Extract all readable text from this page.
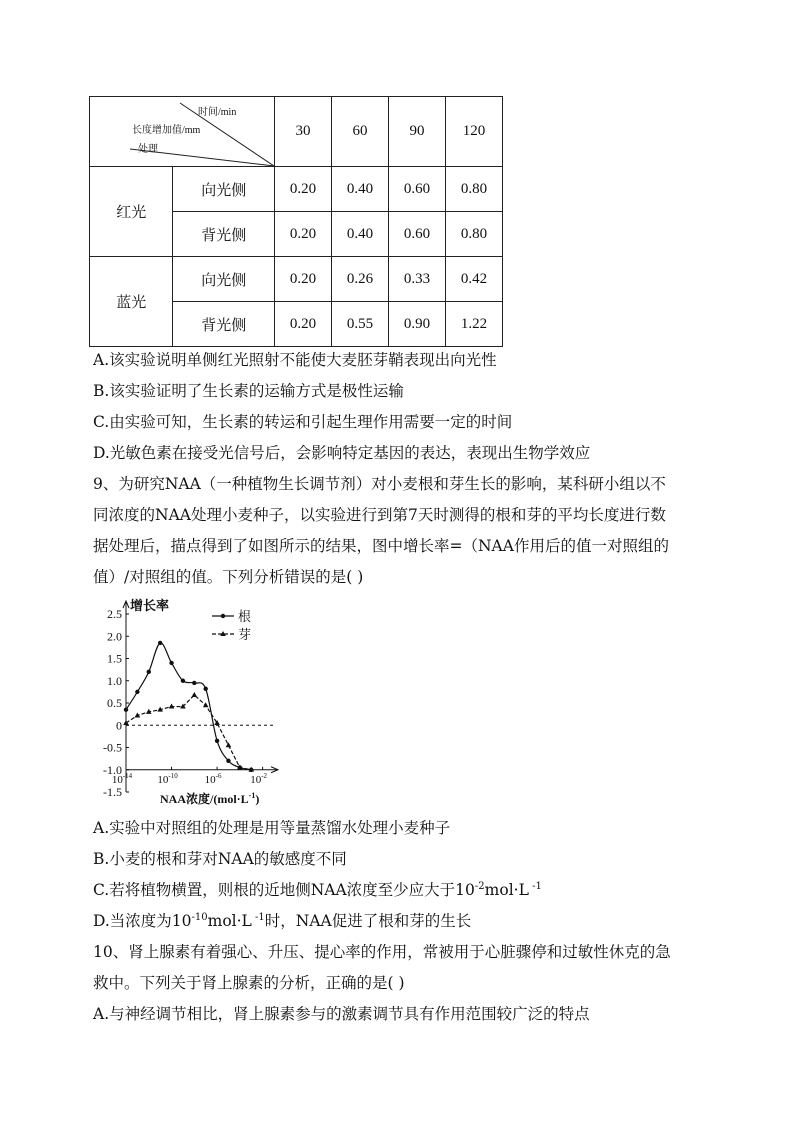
时间/min
长度增加值/mm
处理		30	60	90	120
红光	向光侧	0.20	0.40	0.60	0.80
	背光侧	0.20	0.40	0.60	0.80
蓝光	向光侧	0.20	0.26	0.33	0.42
	背光侧	0.20	0.55	0.90	1.22
A.该实验说明单侧红光照射不能使大麦胚芽鞘表现出向光性
B.该实验证明了生长素的运输方式是极性运输
C.由实验可知，生长素的转运和引起生理作用需要一定的时间
D.光敏色素在接受光信号后，会影响特定基因的表达，表现出生物学效应
9、为研究NAA（一种植物生长调节剂）对小麦根和芽生长的影响，某科研小组以不
同浓度的NAA处理小麦种子，以实验进行到第7天时测得的根和芽的平均长度进行数
据处理后，描点得到了如图所示的结果，图中增长率=（NAA作用后的值一对照组的
值）/对照组的值。下列分析错误的是( )
2.5
2.0
1.5
1.0
0.5
0
-0.5
-1.0
-1.5
$10^{-14}$ $10^{-10}$ $10^{-6}$	$10^{-2}$
增长率
NAA浓度$/(mol\cdot L^{-1})$
根
芽
A.实验中对照组的处理是用等量蒸馏水处理小麦种子
B.小麦的根和芽对NAA的敏感度不同
C.若将植物横置，则根的近地侧NAA浓度至少应大于$10^{-2}mol\cdot L$ $^{-1}$
D.当浓度为$10^{-10}mol\cdot L$ $^{-1}$时，NAA促进了根和芽的生长
10、肾上腺素有着强心、升压、提心率的作用，常被用于心脏骤停和过敏性休克的急
救中。下列关于肾上腺素的分析，正确的是( )
A.与神经调节相比，肾上腺素参与的激素调节具有作用范围较广泛的特点
